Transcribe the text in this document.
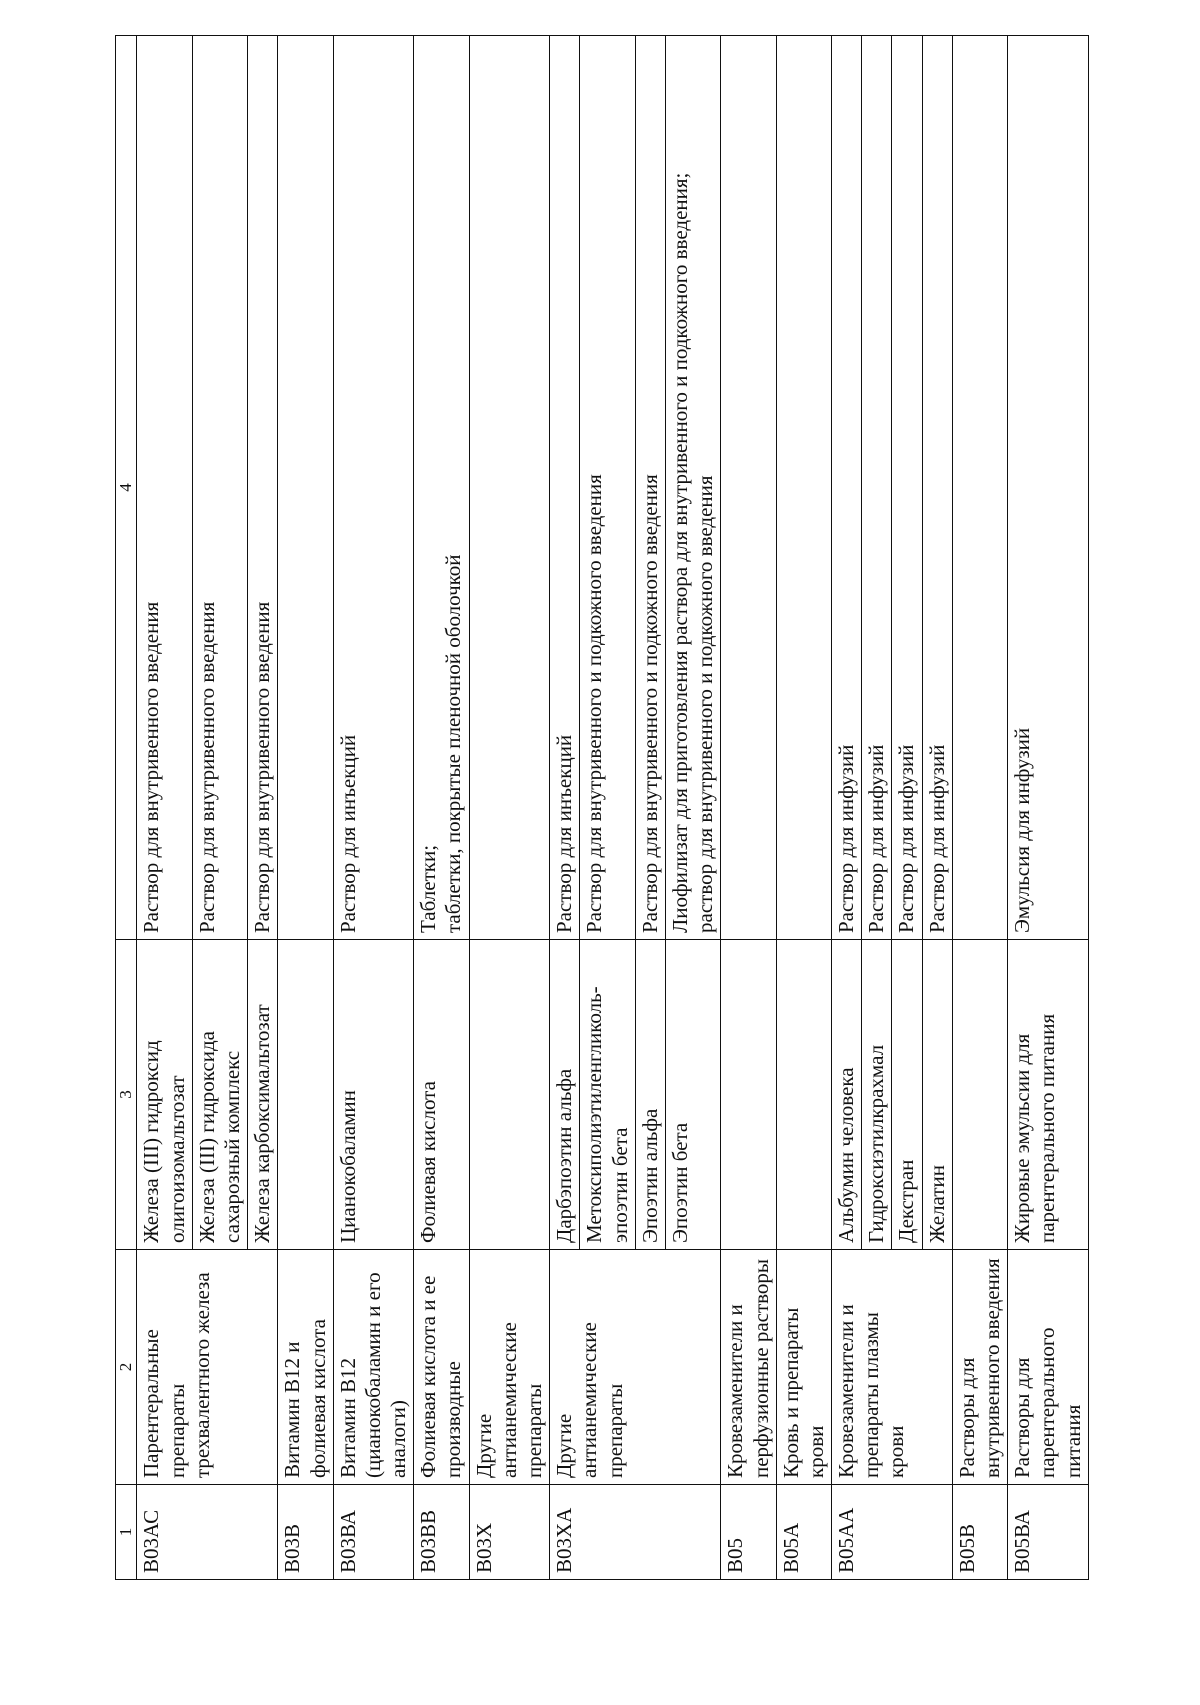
1	2	3	4
В03АС	Парентеральные препараты трехвалентного железа	Железа (III) гидроксид олигоизомальтозат	Раствор для внутривенного введения
		Железа (III) гидроксида сахарозный комплекс	Раствор для внутривенного введения
		Железа карбоксимальтозат	Раствор для внутривенного введения
В03В	Витамин В12 и фолиевая кислота		
В03ВА	Витамин В12 (цианокобаламин и его аналоги)	Цианокобаламин	Раствор для инъекций
В03ВВ	Фолиевая кислота и ее производные	Фолиевая кислота	Таблетки;
таблетки, покрытые пленочной оболочкой
В03Х	Другие антианемические препараты		
В03ХА	Другие антианемические препараты	Дарбэпоэтин альфа	Раствор для инъекций
		Метоксиполиэтиленгликоль-эпоэтин бета	Раствор для внутривенного и подкожного введения
		Эпоэтин альфа	Раствор для внутривенного и подкожного введения
		Эпоэтин бета	Лиофилизат для приготовления раствора для внутривенного и подкожного введения;
раствор для внутривенного и подкожного введения
В05	Кровезаменители и перфузионные растворы		
В05А	Кровь и препараты крови		
В05АА	Кровезаменители и препараты плазмы крови	Альбумин человека	Раствор для инфузий
		Гидроксиэтилкрахмал	Раствор для инфузий
		Декстран	Раствор для инфузий
		Желатин	Раствор для инфузий
В05В	Растворы для внутривенного введения		
В05ВА	Растворы для парентерального питания	Жировые эмульсии для парентерального питания	Эмульсия для инфузий
